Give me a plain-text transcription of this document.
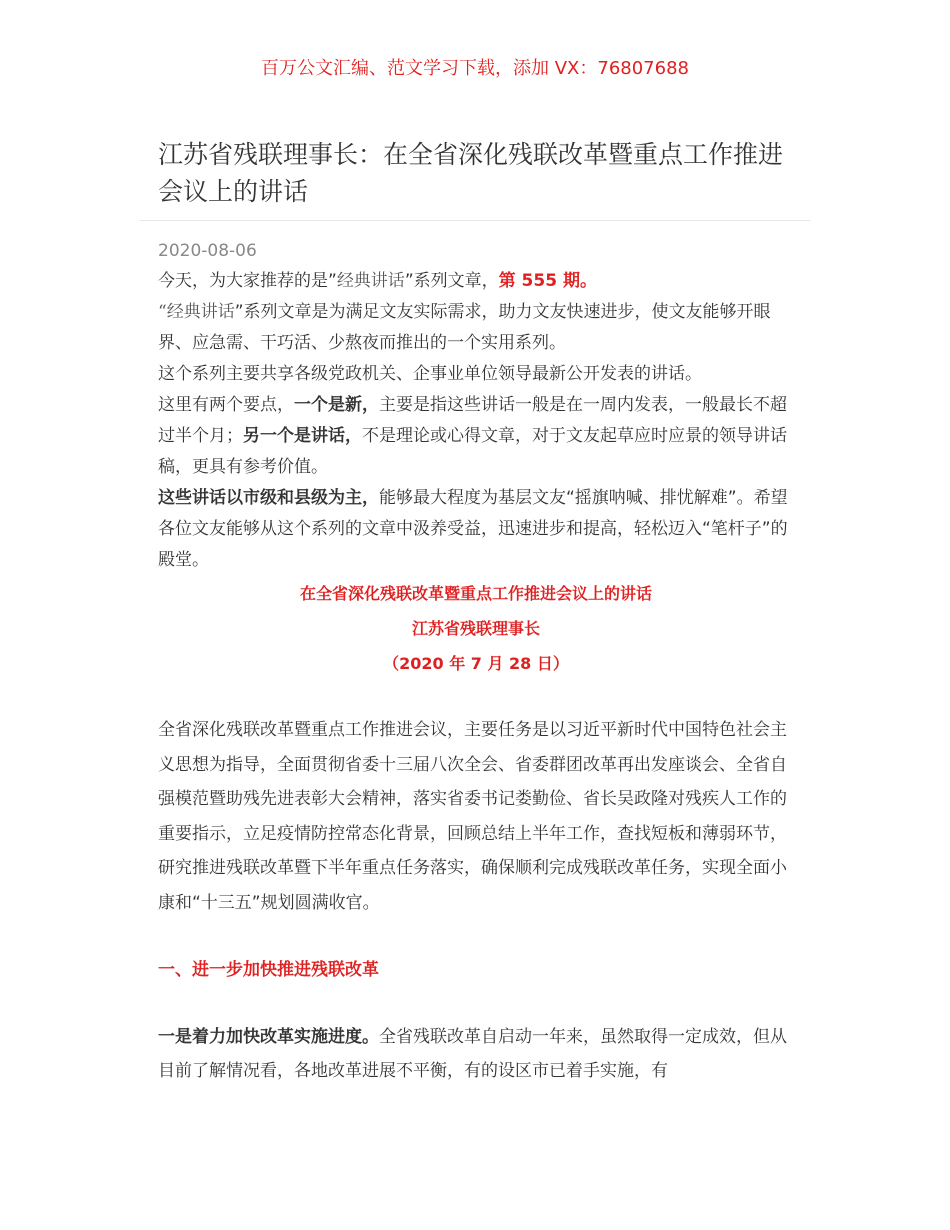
百万公文汇编、范文学习下载，添加 VX：76807688
江苏省残联理事长：在全省深化残联改革暨重点工作推进会议上的讲话
2020-08-06

今天，为大家推荐的是”经典讲话”系列文章，第 555 期。

“经典讲话”系列文章是为满足文友实际需求，助力文友快速进步，使文友能够开眼界、应急需、干巧活、少熬夜而推出的一个实用系列。

这个系列主要共享各级党政机关、企事业单位领导最新公开发表的讲话。

这里有两个要点，一个是新，主要是指这些讲话一般是在一周内发表，一般最长不超过半个月；另一个是讲话，不是理论或心得文章，对于文友起草应时应景的领导讲话稿，更具有参考价值。

这些讲话以市级和县级为主，能够最大程度为基层文友“摇旗呐喊、排忧解难”。希望各位文友能够从这个系列的文章中汲养受益，迅速进步和提高，轻松迈入“笔杆子”的殿堂。

在全省深化残联改革暨重点工作推进会议上的讲话

江苏省残联理事长

（2020 年 7 月 28 日）

全省深化残联改革暨重点工作推进会议，主要任务是以习近平新时代中国特色社会主义思想为指导，全面贯彻省委十三届八次全会、省委群团改革再出发座谈会、全省自强模范暨助残先进表彰大会精神，落实省委书记娄勤俭、省长吴政隆对残疾人工作的重要指示，立足疫情防控常态化背景，回顾总结上半年工作，查找短板和薄弱环节，研究推进残联改革暨下半年重点任务落实，确保顺利完成残联改革任务，实现全面小康和“十三五”规划圆满收官。

一、进一步加快推进残联改革

一是着力加快改革实施进度。全省残联改革自启动一年来，虽然取得一定成效，但从目前了解情况看，各地改革进展不平衡，有的设区市已着手实施，有
